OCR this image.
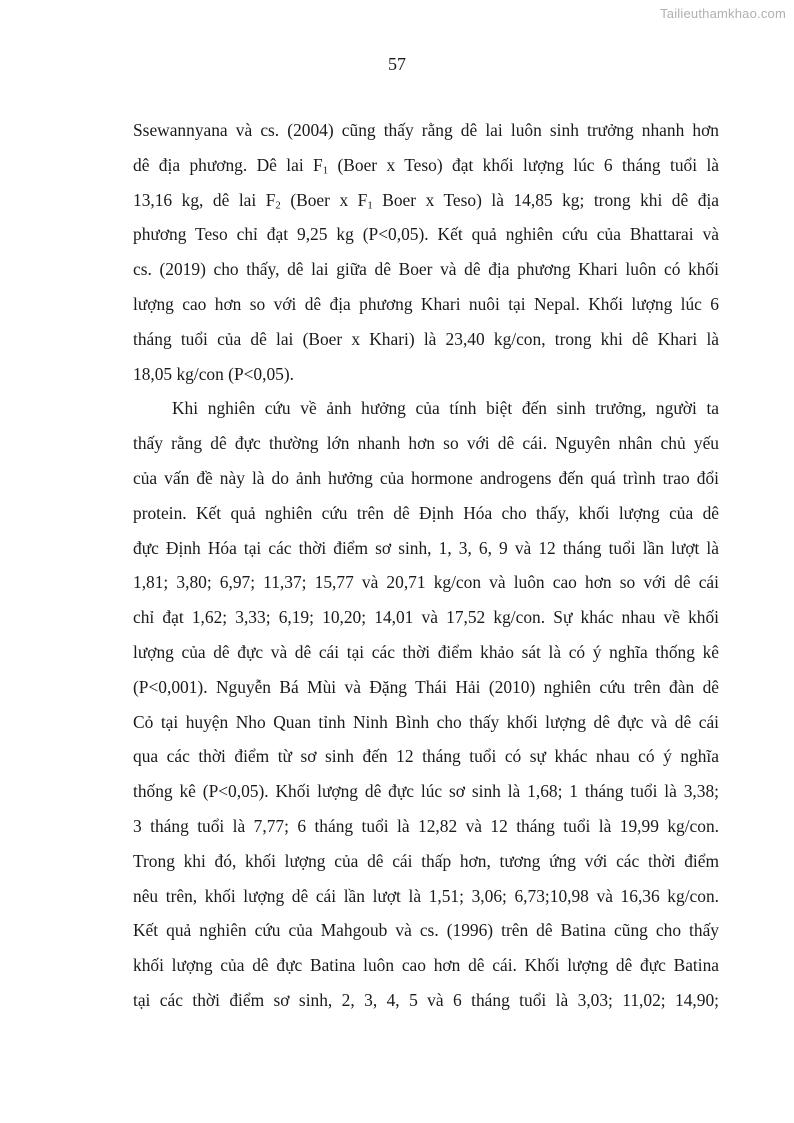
Tailieuthamkhao.com
57
Ssewannyana và cs. (2004) cũng thấy rằng dê lai luôn sinh trưởng nhanh hơn
dê địa phương. Dê lai $F_1$ (Boer x Teso) đạt khối lượng lúc 6 tháng tuổi là
13,16 kg, dê lai $F_2$ (Boer x $F_1$ Boer x Teso) là 14,85 kg; trong khi dê địa
phương Teso chỉ đạt 9,25 kg (P<0,05). Kết quả nghiên cứu của Bhattarai và
cs. (2019) cho thấy, dê lai giữa dê Boer và dê địa phương Khari luôn có khối
lượng cao hơn so với dê địa phương Khari nuôi tại Nepal. Khối lượng lúc 6
tháng tuổi của dê lai (Boer x Khari) là 23,40 kg/con, trong khi dê Khari là
18,05 kg/con (P<0,05).
Khi nghiên cứu về ảnh hưởng của tính biệt đến sinh trưởng, người ta
thấy rằng dê đực thường lớn nhanh hơn so với dê cái. Nguyên nhân chủ yếu
của vấn đề này là do ảnh hưởng của hormone androgens đến quá trình trao đổi
protein. Kết quả nghiên cứu trên dê Định Hóa cho thấy, khối lượng của dê
đực Định Hóa tại các thời điểm sơ sinh, 1, 3, 6, 9 và 12 tháng tuổi lần lượt là
1,81; 3,80; 6,97; 11,37; 15,77 và 20,71 kg/con và luôn cao hơn so với dê cái
chỉ đạt 1,62; 3,33; 6,19; 10,20; 14,01 và 17,52 kg/con. Sự khác nhau về khối
lượng của dê đực và dê cái tại các thời điểm khảo sát là có ý nghĩa thống kê
(P<0,001). Nguyễn Bá Mùi và Đặng Thái Hải (2010) nghiên cứu trên đàn dê
Cỏ tại huyện Nho Quan tỉnh Ninh Bình cho thấy khối lượng dê đực và dê cái
qua các thời điểm từ sơ sinh đến 12 tháng tuổi có sự khác nhau có ý nghĩa
thống kê (P<0,05). Khối lượng dê đực lúc sơ sinh là 1,68; 1 tháng tuổi là 3,38;
3 tháng tuổi là 7,77; 6 tháng tuổi là 12,82 và 12 tháng tuổi là 19,99 kg/con.
Trong khi đó, khối lượng của dê cái thấp hơn, tương ứng với các thời điểm
nêu trên, khối lượng dê cái lần lượt là 1,51; 3,06; 6,73;10,98 và 16,36 kg/con.
Kết quả nghiên cứu của Mahgoub và cs. (1996) trên dê Batina cũng cho thấy
khối lượng của dê đực Batina luôn cao hơn dê cái. Khối lượng dê đực Batina
tại các thời điểm sơ sinh, 2, 3, 4, 5 và 6 tháng tuổi là 3,03; 11,02; 14,90;
